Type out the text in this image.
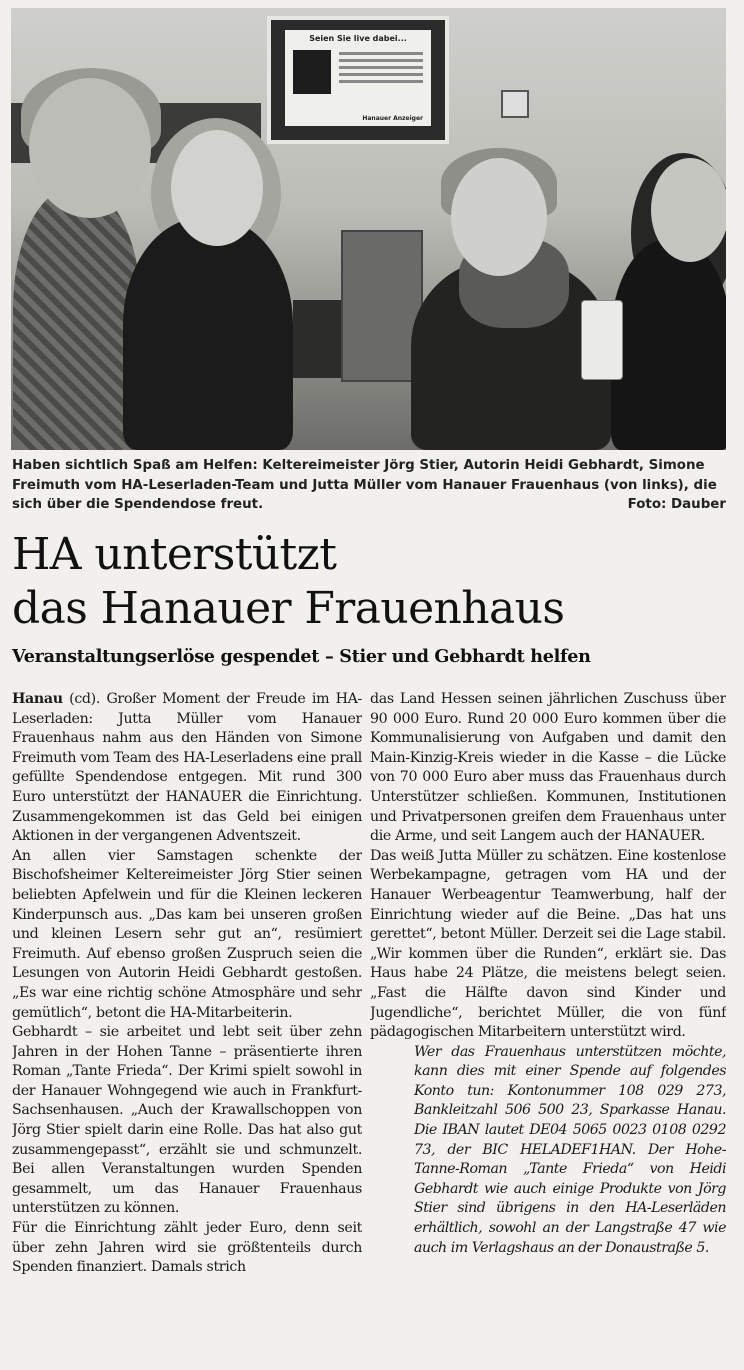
Seien Sie live dabei...
Hanauer Anzeiger
Haben sichtlich Spaß am Helfen: Keltereimeister Jörg Stier, Autorin Heidi Gebhardt, Simone Freimuth vom HA-Leserladen-Team und Jutta Müller vom Hanauer Frauenhaus (von links), die sich über die Spendendose freut.	Foto: Dauber
HA unterstützt
das Hanauer Frauenhaus
Veranstaltungserlöse gespendet – Stier und Gebhardt helfen

Hanau (cd). Großer Moment der Freude im HA-Leserladen: Jutta Müller vom Hanauer Frauenhaus nahm aus den Händen von Simone Freimuth vom Team des HA-Leserladens eine prall gefüllte Spendendose entgegen. Mit rund 300 Euro unterstützt der HANAUER die Einrichtung. Zusammengekommen ist das Geld bei einigen Aktionen in der vergangenen Adventszeit.

An allen vier Samstagen schenkte der Bischofsheimer Keltereimeister Jörg Stier seinen beliebten Apfelwein und für die Kleinen leckeren Kinderpunsch aus. „Das kam bei unseren großen und kleinen Lesern sehr gut an“, resümiert Freimuth. Auf ebenso großen Zuspruch seien die Lesungen von Autorin Heidi Gebhardt gestoßen. „Es war eine richtig schöne Atmosphäre und sehr gemütlich“, betont die HA-Mitarbeiterin.

Gebhardt – sie arbeitet und lebt seit über zehn Jahren in der Hohen Tanne – präsentierte ihren Roman „Tante Frieda“. Der Krimi spielt sowohl in der Hanauer Wohngegend wie auch in Frankfurt-Sachsenhausen. „Auch der Krawallschoppen von Jörg Stier spielt darin eine Rolle. Das hat also gut zusammengepasst“, erzählt sie und schmunzelt. Bei allen Veranstaltungen wurden Spenden gesammelt, um das Hanauer Frauenhaus unterstützen zu können.

Für die Einrichtung zählt jeder Euro, denn seit über zehn Jahren wird sie größtenteils durch Spenden finanziert. Damals strich

das Land Hessen seinen jährlichen Zuschuss über 90 000 Euro. Rund 20 000 Euro kommen über die Kommunalisierung von Aufgaben und damit den Main-Kinzig-Kreis wieder in die Kasse – die Lücke von 70 000 Euro aber muss das Frauenhaus durch Unterstützer schließen. Kommunen, Institutionen und Privatpersonen greifen dem Frauenhaus unter die Arme, und seit Langem auch der HANAUER.

Das weiß Jutta Müller zu schätzen. Eine kostenlose Werbekampagne, getragen vom HA und der Hanauer Werbeagentur Teamwerbung, half der Einrichtung wieder auf die Beine. „Das hat uns gerettet“, betont Müller. Derzeit sei die Lage stabil. „Wir kommen über die Runden“, erklärt sie. Das Haus habe 24 Plätze, die meistens belegt seien. „Fast die Hälfte davon sind Kinder und Jugendliche“, berichtet Müller, die von fünf pädagogischen Mitarbeitern unterstützt wird.

Wer das Frauenhaus unterstützen möchte, kann dies mit einer Spende auf folgendes Konto tun: Kontonummer 108 029 273, Bankleitzahl 506 500 23, Sparkasse Hanau. Die IBAN lautet DE04 5065 0023 0108 0292 73, der BIC HELADEF1HAN. Der Hohe-Tanne-Roman „Tante Frieda“ von Heidi Gebhardt wie auch einige Produkte von Jörg Stier sind übrigens in den HA-Leserläden erhältlich, sowohl an der Langstraße 47 wie auch im Verlagshaus an der Donaustraße 5.
